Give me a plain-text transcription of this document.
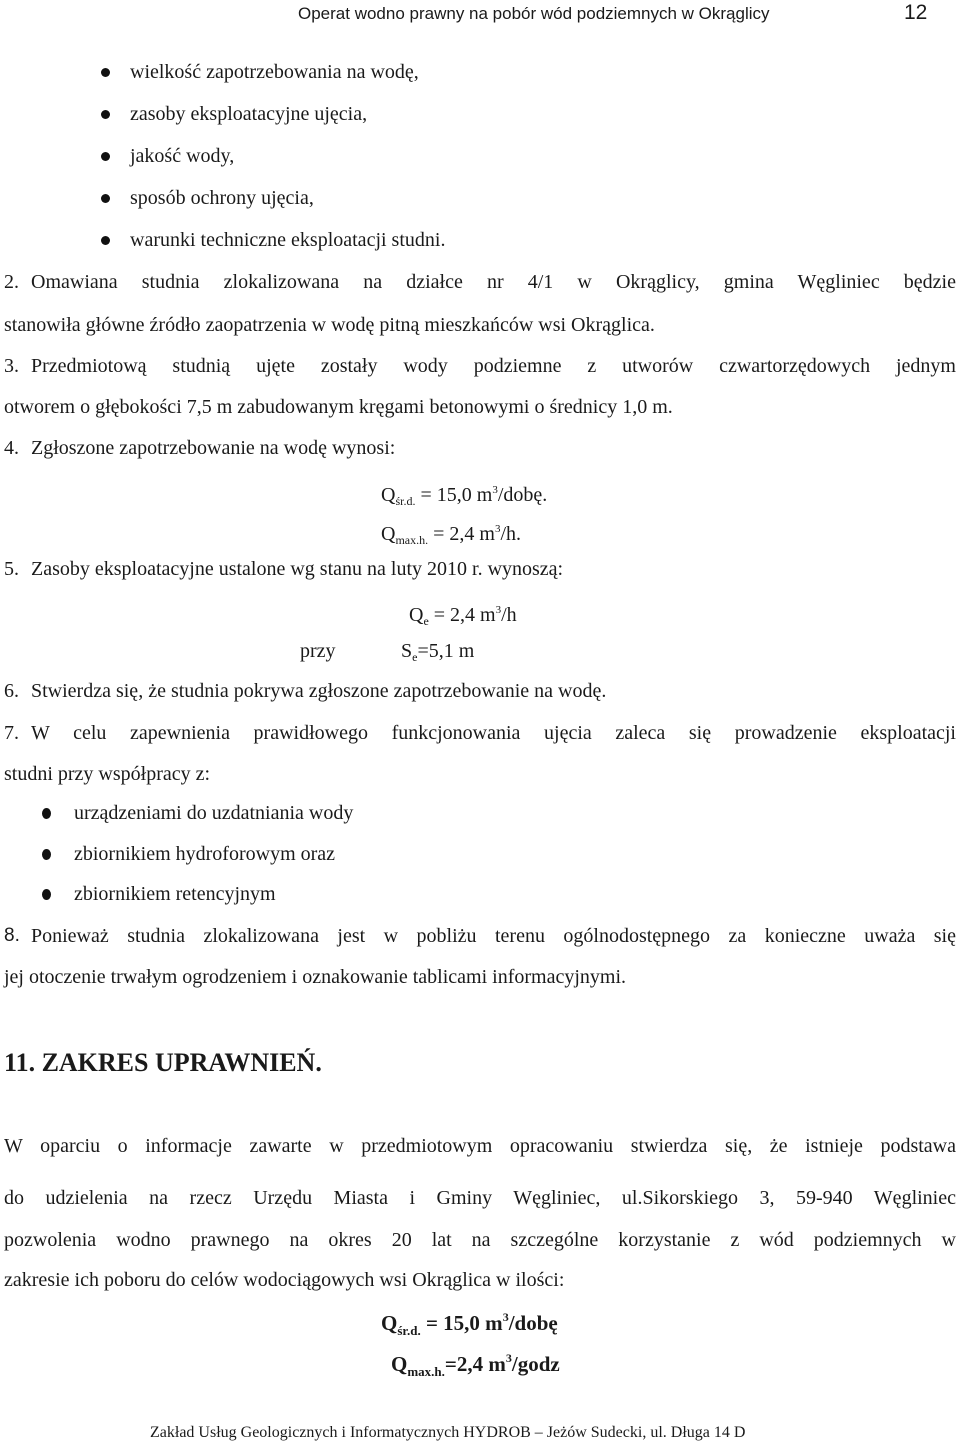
Operat wodno prawny na pobór wód podziemnych w Okrąglicy	12
wielkość zapotrzebowania na wodę,
zasoby eksploatacyjne ujęcia,
jakość wody,
sposób ochrony ujęcia,
warunki techniczne eksploatacji studni.
2. Omawiana studnia zlokalizowana na działce nr 4/1 w Okrąglicy, gmina Węgliniec będzie
stanowiła główne źródło zaopatrzenia w wodę pitną mieszkańców wsi Okrąglica.
3. Przedmiotową studnią ujęte zostały wody podziemne z utworów czwartorzędowych jednym
otworem o głębokości 7,5 m zabudowanym kręgami betonowymi o średnicy 1,0 m.
4. Zgłoszone zapotrzebowanie na wodę wynosi:
$Q_{śr.d.} = 15,0$ $m^3$/dobę.
$Q_{max.h.} = 2,4$ $m^3/h$.
5. Zasoby eksploatacyjne ustalone wg stanu na luty 2010 r. wynoszą:
$Q_e = 2,4$ $m^3/h$
przy	$S_e=5,1$ m
6. Stwierdza się, że studnia pokrywa zgłoszone zapotrzebowanie na wodę.
7. W celu zapewnienia prawidłowego funkcjonowania ujęcia zaleca się prowadzenie eksploatacji
studni przy współpracy z:
urządzeniami do uzdatniania wody
zbiornikiem hydroforowym oraz
zbiornikiem retencyjnym
8. Ponieważ studnia zlokalizowana jest w pobliżu terenu ogólnodostępnego za konieczne uważa się
jej otoczenie trwałym ogrodzeniem i oznakowanie tablicami informacyjnymi.
11. ZAKRES UPRAWNIEŃ.
W oparciu o informacje zawarte w przedmiotowym opracowaniu stwierdza się, że istnieje podstawa
do udzielenia na rzecz Urzędu Miasta i Gminy Węgliniec, ul.Sikorskiego 3, 59-940 Węgliniec
pozwolenia wodno prawnego na okres 20 lat na szczególne korzystanie z wód podziemnych w
zakresie ich poboru do celów wodociągowych wsi Okrąglica w ilości:
$Q_{śr.d.} = 15,0$ $m^3$/dobę
$Q_{max.h.}=2,4$ $m^3$/godz
Zakład Usług Geologicznych i Informatycznych HYDROB – Jeżów Sudecki, ul. Długa 14 D
